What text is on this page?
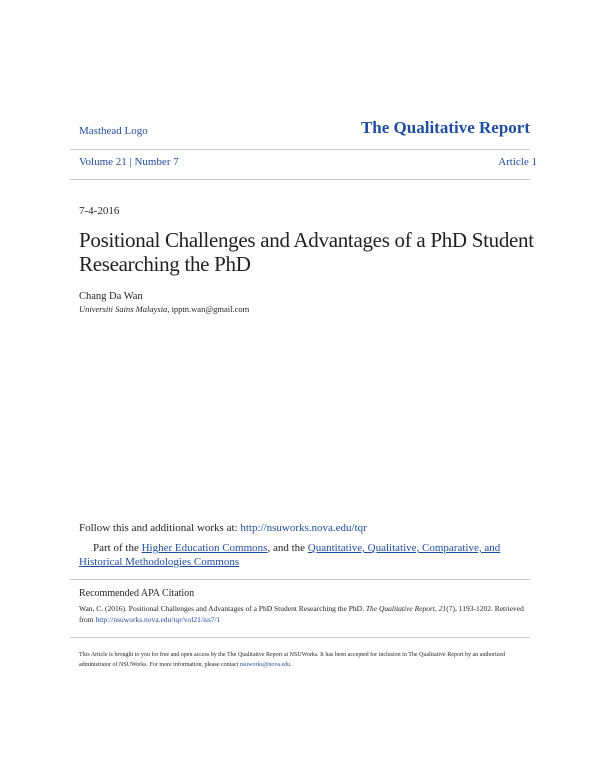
Masthead Logo	The Qualitative Report
Volume 21 | Number 7	Article 1
7-4-2016
Positional Challenges and Advantages of a PhD Student Researching the PhD
Chang Da Wan
Universiti Sains Malaysia, ipptn.wan@gmail.com
Follow this and additional works at: http://nsuworks.nova.edu/tqr
Part of the Higher Education Commons, and the Quantitative, Qualitative, Comparative, and Historical Methodologies Commons
Recommended APA Citation
Wan, C. (2016). Positional Challenges and Advantages of a PhD Student Researching the PhD. The Qualitative Report, 21(7), 1193-1202. Retrieved from http://nsuworks.nova.edu/tqr/vol21/iss7/1
This Article is brought to you for free and open access by the The Qualitative Report at NSUWorks. It has been accepted for inclusion in The Qualitative Report by an authorized administrator of NSUWorks. For more information, please contact nsuworks@nova.edu.
